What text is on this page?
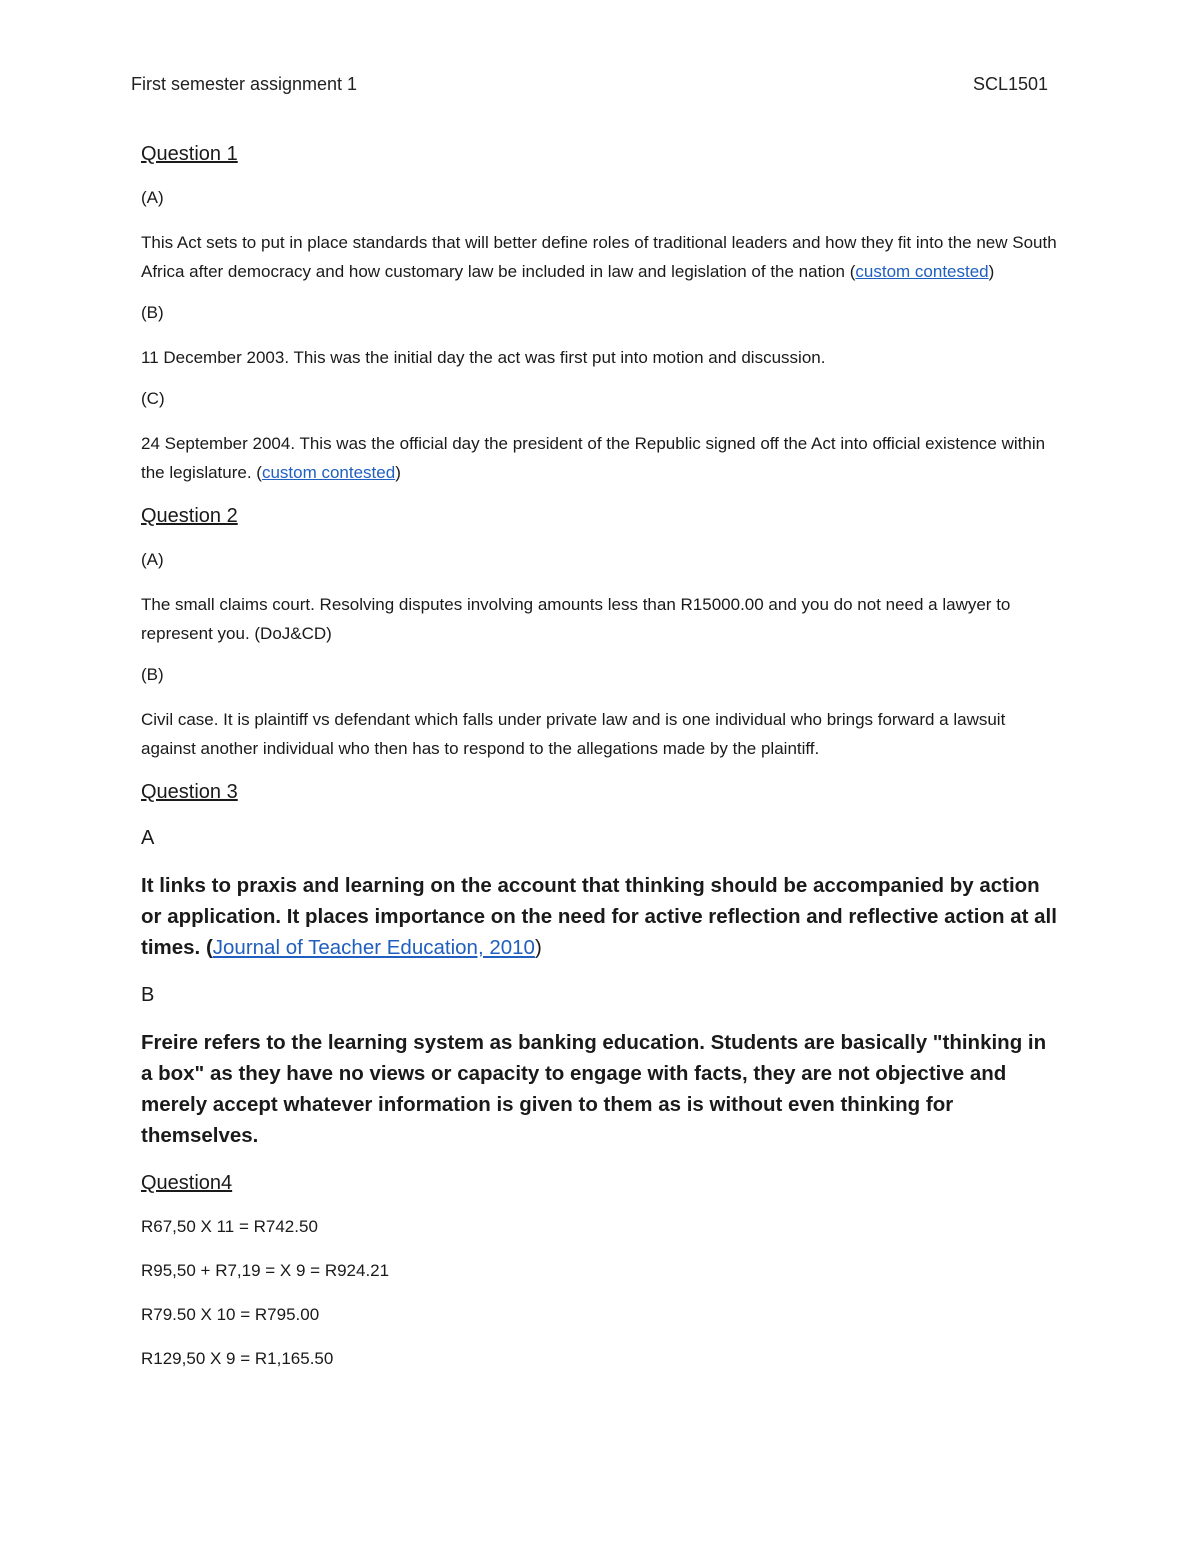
First semester assignment 1	SCL1501
Question 1
(A)
This Act sets to put in place standards that will better define roles of traditional leaders and how they fit into the new South Africa after democracy and how customary law be included in law and legislation of the nation (custom contested)
(B)
11 December 2003. This was the initial day the act was first put into motion and discussion.
(C)
24 September 2004. This was the official day the president of the Republic signed off the Act into official existence within the legislature. (custom contested)
Question 2
(A)
The small claims court. Resolving disputes involving amounts less than R15000.00 and you do not need a lawyer to represent you. (DoJ&CD)
(B)
Civil case. It is plaintiff vs defendant which falls under private law and is one individual who brings forward a lawsuit against another individual who then has to respond to the allegations made by the plaintiff.
Question 3
A
It links to praxis and learning on the account that thinking should be accompanied by action or application. It places importance on the need for active reflection and reflective action at all times. (Journal of Teacher Education, 2010)
B
Freire refers to the learning system as banking education. Students are basically "thinking in a box" as they have no views or capacity to engage with facts, they are not objective and merely accept whatever information is given to them as is without even thinking for themselves.
Question4
R67,50 X 11 = R742.50
R95,50 + R7,19 = X 9 = R924.21
R79.50 X 10 = R795.00
R129,50 X 9 = R1,165.50
